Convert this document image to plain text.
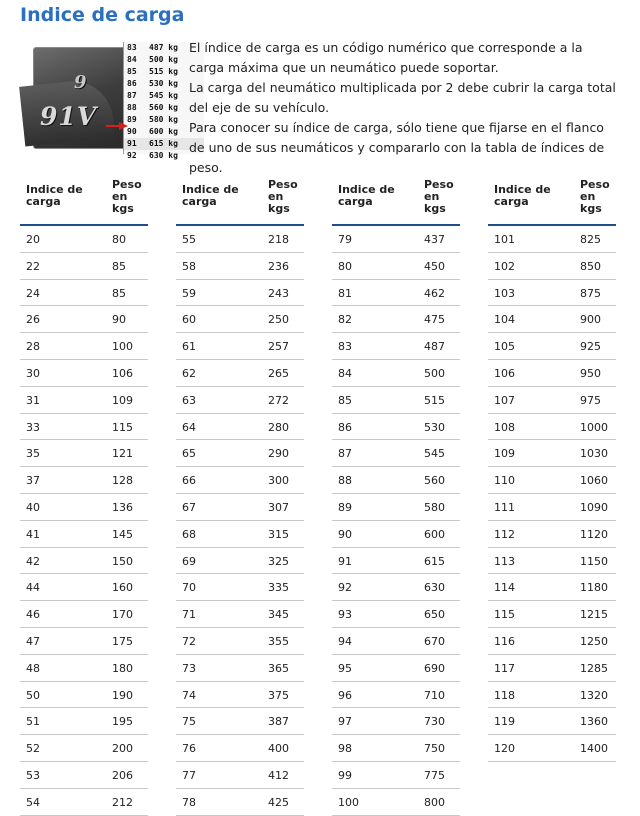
Indice de carga
9
91V
83	487 kg
84	500 kg
85	515 kg
86	530 kg
87	545 kg
88	560 kg
89	580 kg
90	600 kg
91	615 kg
92	630 kg

El índice de carga es un código numérico que corresponde a la carga máxima que un neumático puede soportar.

La carga del neumático multiplicada por 2 debe cubrir la carga total del eje de su vehículo.

Para conocer su índice de carga, sólo tiene que fijarse en el flanco de uno de sus neumáticos y compararlo con la tabla de índices de peso.

Indice de carga
Peso en kgs
20	80
22	85
24	85
26	90
28	100
30	106
31	109
33	115
35	121
37	128
40	136
41	145
42	150
44	160
46	170
47	175
48	180
50	190
51	195
52	200
53	206
54	212
Indice de carga
Peso en kgs
55	218
58	236
59	243
60	250
61	257
62	265
63	272
64	280
65	290
66	300
67	307
68	315
69	325
70	335
71	345
72	355
73	365
74	375
75	387
76	400
77	412
78	425
Indice de carga
Peso en kgs
79	437
80	450
81	462
82	475
83	487
84	500
85	515
86	530
87	545
88	560
89	580
90	600
91	615
92	630
93	650
94	670
95	690
96	710
97	730
98	750
99	775
100	800
Indice de carga
Peso en kgs
101	825
102	850
103	875
104	900
105	925
106	950
107	975
108	1000
109	1030
110	1060
111	1090
112	1120
113	1150
114	1180
115	1215
116	1250
117	1285
118	1320
119	1360
120	1400
